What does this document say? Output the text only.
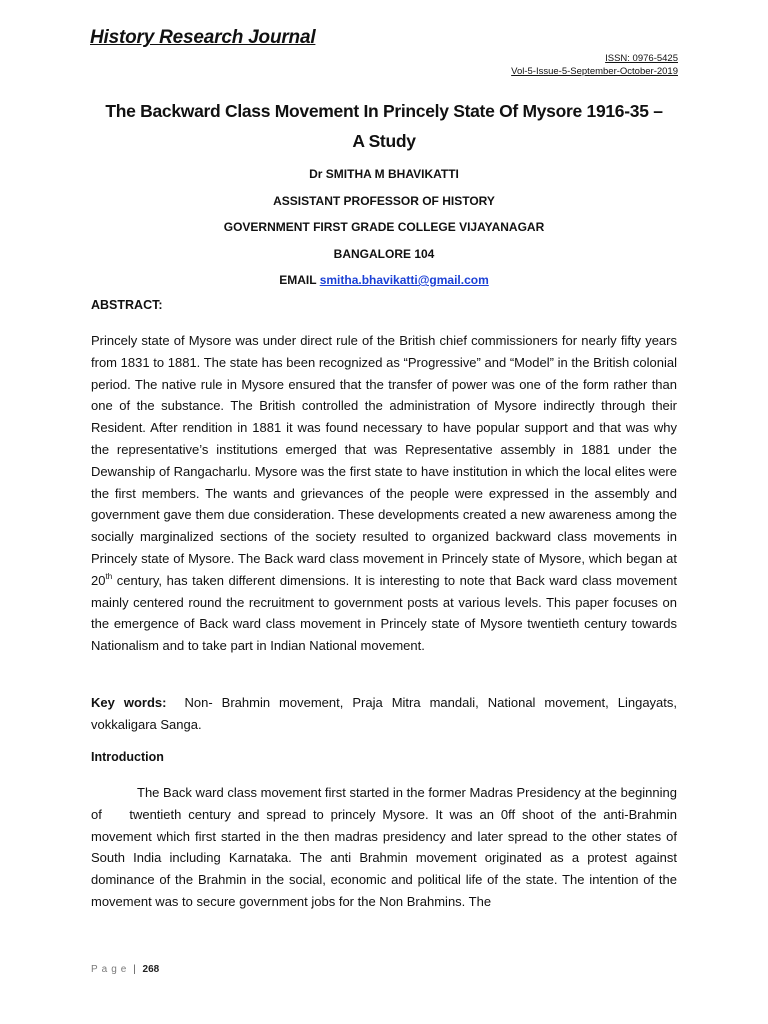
History Research Journal
ISSN: 0976-5425
Vol-5-Issue-5-September-October-2019
The Backward Class Movement In Princely State Of Mysore 1916-35 –
A Study
Dr SMITHA M BHAVIKATTI
ASSISTANT PROFESSOR OF HISTORY
GOVERNMENT FIRST GRADE COLLEGE VIJAYANAGAR
BANGALORE 104
EMAIL smitha.bhavikatti@gmail.com
ABSTRACT:
Princely state of Mysore was under direct rule of the British chief commissioners for nearly fifty years from 1831 to 1881. The state has been recognized as “Progressive” and “Model” in the British colonial period. The native rule in Mysore ensured that the transfer of power was one of the form rather than one of the substance. The British controlled the administration of Mysore indirectly through their Resident. After rendition in 1881 it was found necessary to have popular support and that was why the representative’s institutions emerged that was Representative assembly in 1881 under the Dewanship of Rangacharlu. Mysore was the first state to have institution in which the local elites were the first members. The wants and grievances of the people were expressed in the assembly and government gave them due consideration. These developments created a new awareness among the socially marginalized sections of the society resulted to organized backward class movements in Princely state of Mysore. The Back ward class movement in Princely state of Mysore, which began at 20th century, has taken different dimensions. It is interesting to note that Back ward class movement mainly centered round the recruitment to government posts at various levels. This paper focuses on the emergence of Back ward class movement in Princely state of Mysore twentieth century towards Nationalism and to take part in Indian National movement.
Key words:  Non- Brahmin movement, Praja Mitra mandali, National movement, Lingayats, vokkaligara Sanga.
Introduction
The Back ward class movement first started in the former Madras Presidency at the beginning of    twentieth century and spread to princely Mysore. It was an 0ff shoot of the anti-Brahmin movement which first started in the then madras presidency and later spread to the other states of South India including Karnataka. The anti Brahmin movement originated as a protest against dominance of the Brahmin in the social, economic and political life of the state. The intention of the movement was to secure government jobs for the Non Brahmins. The
Page | 268
